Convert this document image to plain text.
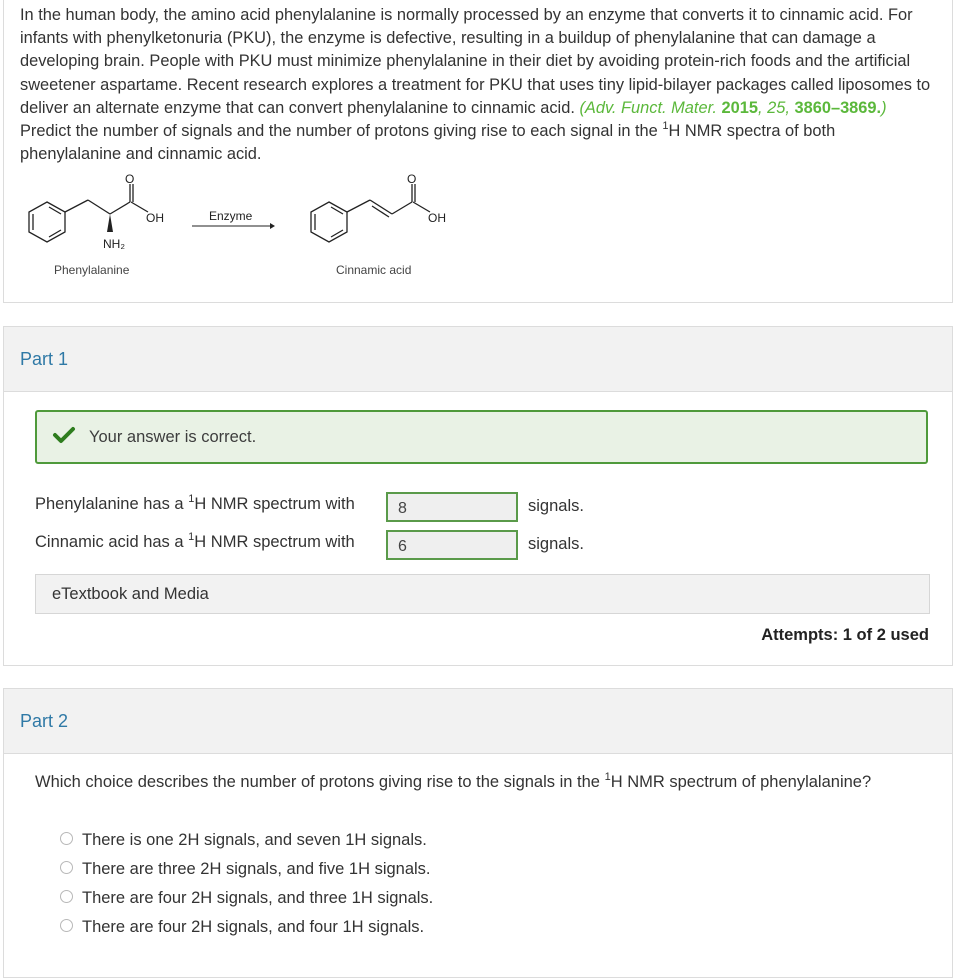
In the human body, the amino acid phenylalanine is normally processed by an enzyme that converts it to cinnamic acid. For infants with phenylketonuria (PKU), the enzyme is defective, resulting in a buildup of phenylalanine that can damage a developing brain. People with PKU must minimize phenylalanine in their diet by avoiding protein-rich foods and the artificial sweetener aspartame. Recent research explores a treatment for PKU that uses tiny lipid-bilayer packages called liposomes to deliver an alternate enzyme that can convert phenylalanine to cinnamic acid. (Adv. Funct. Mater. 2015, 25, 3860–3869.) Predict the number of signals and the number of protons giving rise to each signal in the $^1$H NMR spectra of both phenylalanine and cinnamic acid.
O
OH
NH₂
Phenylalanine
Enzyme
O
OH
Cinnamic acid
Part 1
Your answer is correct.
Phenylalanine has a $^1$H NMR spectrum with	8	signals.
Cinnamic acid has a $^1$H NMR spectrum with	6	signals.
eTextbook and Media
Attempts: 1 of 2 used
Part 2
Which choice describes the number of protons giving rise to the signals in the $^1$H NMR spectrum of phenylalanine?
There is one 2H signals, and seven 1H signals.
There are three 2H signals, and five 1H signals.
There are four 2H signals, and three 1H signals.
There are four 2H signals, and four 1H signals.
